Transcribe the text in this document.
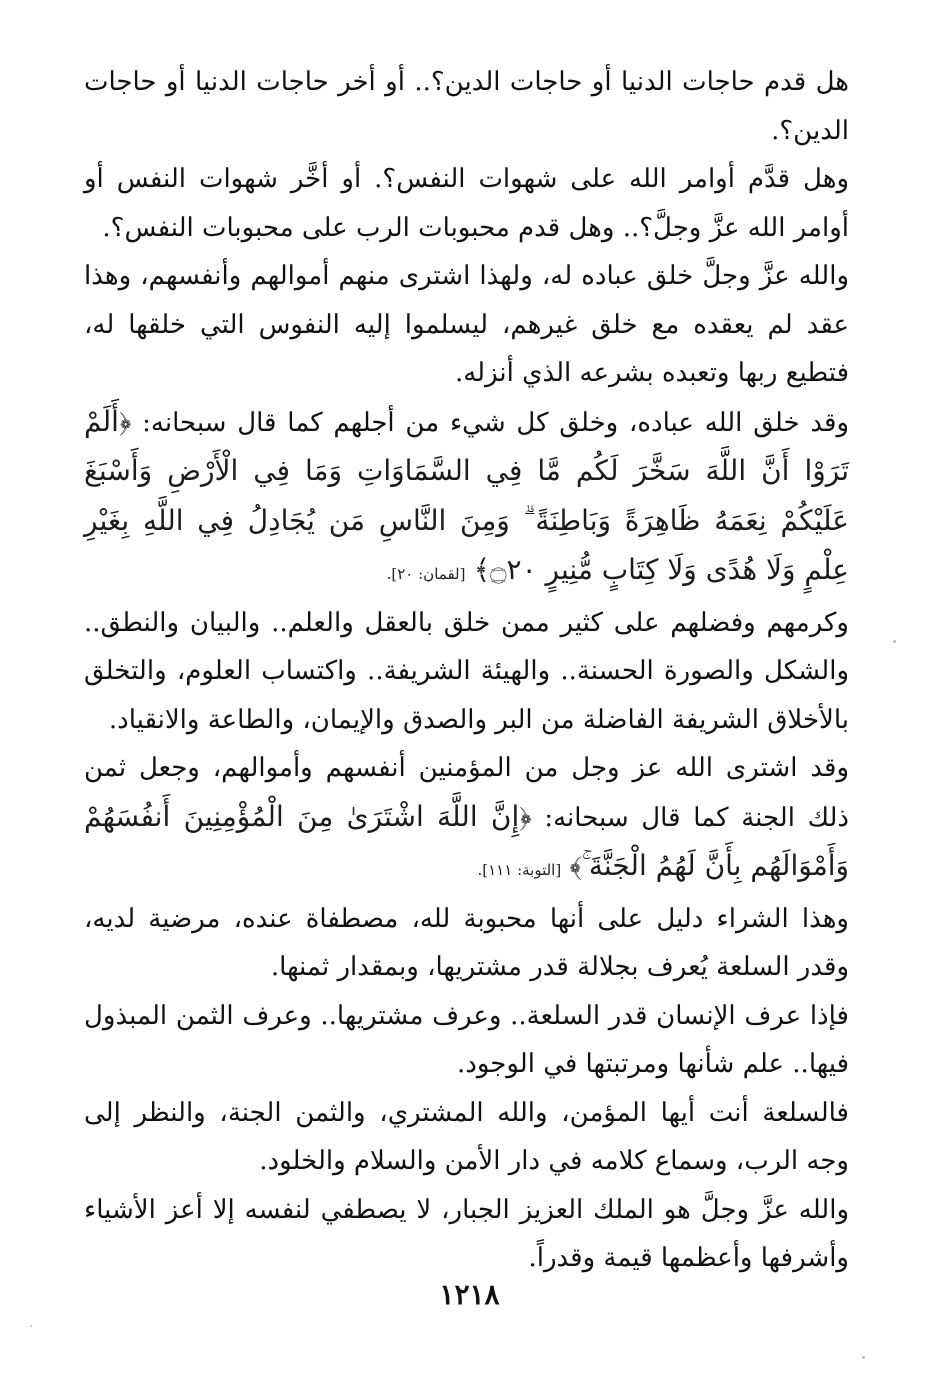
هل قدم حاجات الدنيا أو حاجات الدين؟.. أو أخر حاجات الدنيا أو حاجات الدين؟.
وهل قدَّم أوامر الله على شهوات النفس؟. أو أخَّر شهوات النفس أو أوامر الله عزَّ وجلَّ؟.. وهل قدم محبوبات الرب على محبوبات النفس؟.
والله عزَّ وجلَّ خلق عباده له، ولهذا اشترى منهم أموالهم وأنفسهم، وهذا عقد لم يعقده مع خلق غيرهم، ليسلموا إليه النفوس التي خلقها له، فتطيع ربها وتعبده بشرعه الذي أنزله.
وقد خلق الله عباده، وخلق كل شيء من أجلهم كما قال سبحانه: ﴿أَلَمْ تَرَوْا أَنَّ اللَّهَ سَخَّرَ لَكُم مَّا فِي السَّمَاوَاتِ وَمَا فِي الْأَرْضِ وَأَسْبَغَ عَلَيْكُمْ نِعَمَهُ ظَاهِرَةً وَبَاطِنَةً ۗ وَمِنَ النَّاسِ مَن يُجَادِلُ فِي اللَّهِ بِغَيْرِ عِلْمٍ وَلَا هُدًى وَلَا كِتَابٍ مُّنِيرٍ ۝٢٠﴾ [لقمان: ٢٠].
وكرمهم وفضلهم على كثير ممن خلق بالعقل والعلم.. والبيان والنطق.. والشكل والصورة الحسنة.. والهيئة الشريفة.. واكتساب العلوم، والتخلق بالأخلاق الشريفة الفاضلة من البر والصدق والإيمان، والطاعة والانقياد.
وقد اشترى الله عز وجل من المؤمنين أنفسهم وأموالهم، وجعل ثمن ذلك الجنة كما قال سبحانه: ﴿إِنَّ اللَّهَ اشْتَرَىٰ مِنَ الْمُؤْمِنِينَ أَنفُسَهُمْ وَأَمْوَالَهُم بِأَنَّ لَهُمُ الْجَنَّةَ ۚ﴾ [التوبة: ١١١].
وهذا الشراء دليل على أنها محبوبة لله، مصطفاة عنده، مرضية لديه، وقدر السلعة يُعرف بجلالة قدر مشتريها، وبمقدار ثمنها.
فإذا عرف الإنسان قدر السلعة.. وعرف مشتريها.. وعرف الثمن المبذول فيها.. علم شأنها ومرتبتها في الوجود.
فالسلعة أنت أيها المؤمن، والله المشتري، والثمن الجنة، والنظر إلى وجه الرب، وسماع كلامه في دار الأمن والسلام والخلود.
والله عزَّ وجلَّ هو الملك العزيز الجبار، لا يصطفي لنفسه إلا أعز الأشياء وأشرفها وأعظمها قيمة وقدراً.
١٢١٨
